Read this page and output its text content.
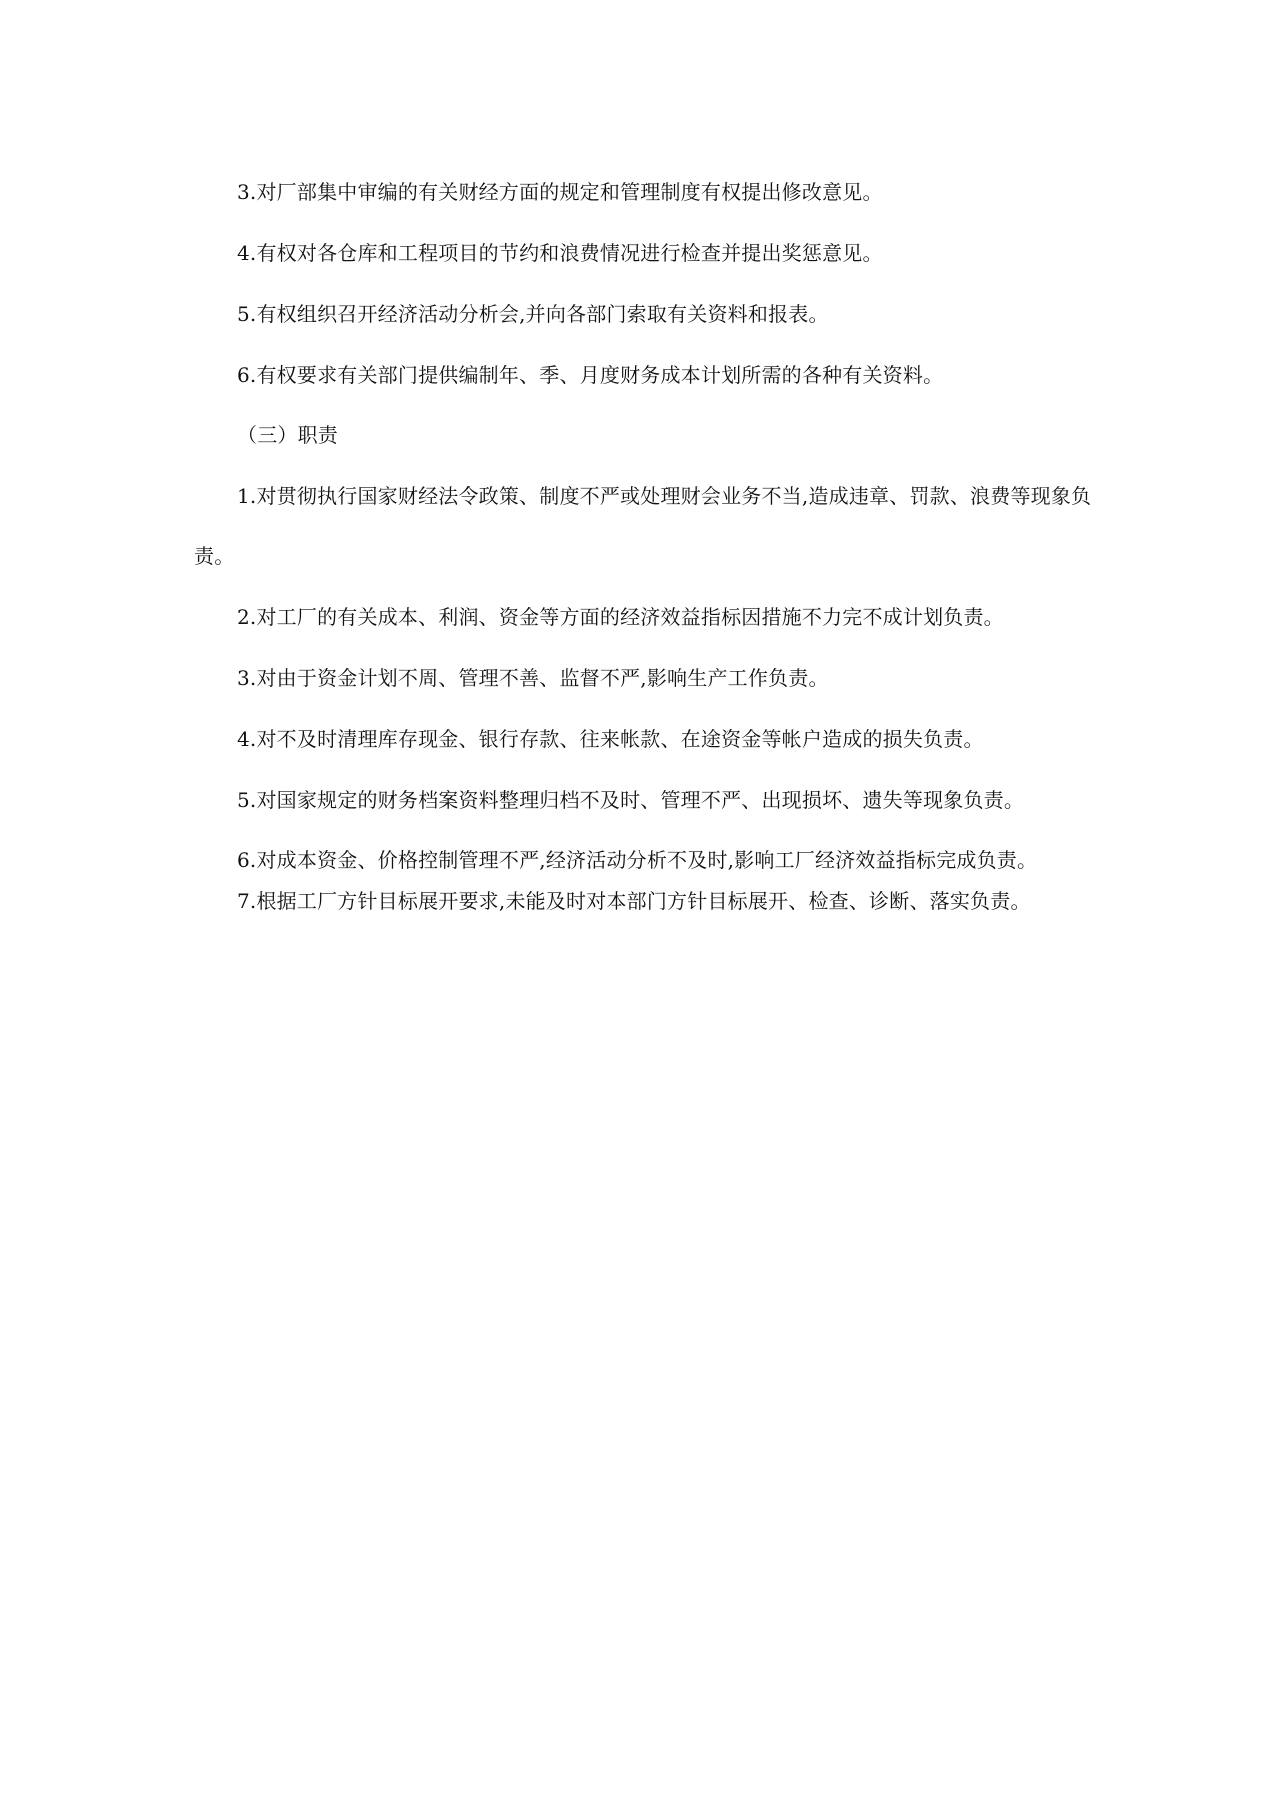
3.对厂部集中审编的有关财经方面的规定和管理制度有权提出修改意见。

4.有权对各仓库和工程项目的节约和浪费情况进行检查并提出奖惩意见。

5.有权组织召开经济活动分析会,并向各部门索取有关资料和报表。

6.有权要求有关部门提供编制年、季、月度财务成本计划所需的各种有关资料。

（三）职责

1.对贯彻执行国家财经法令政策、制度不严或处理财会业务不当,造成违章、罚款、浪费等现象负责。

2.对工厂的有关成本、利润、资金等方面的经济效益指标因措施不力完不成计划负责。

3.对由于资金计划不周、管理不善、监督不严,影响生产工作负责。

4.对不及时清理库存现金、银行存款、往来帐款、在途资金等帐户造成的损失负责。

5.对国家规定的财务档案资料整理归档不及时、管理不严、出现损坏、遗失等现象负责。

6.对成本资金、价格控制管理不严,经济活动分析不及时,影响工厂经济效益指标完成负责。

7.根据工厂方针目标展开要求,未能及时对本部门方针目标展开、检查、诊断、落实负责。
